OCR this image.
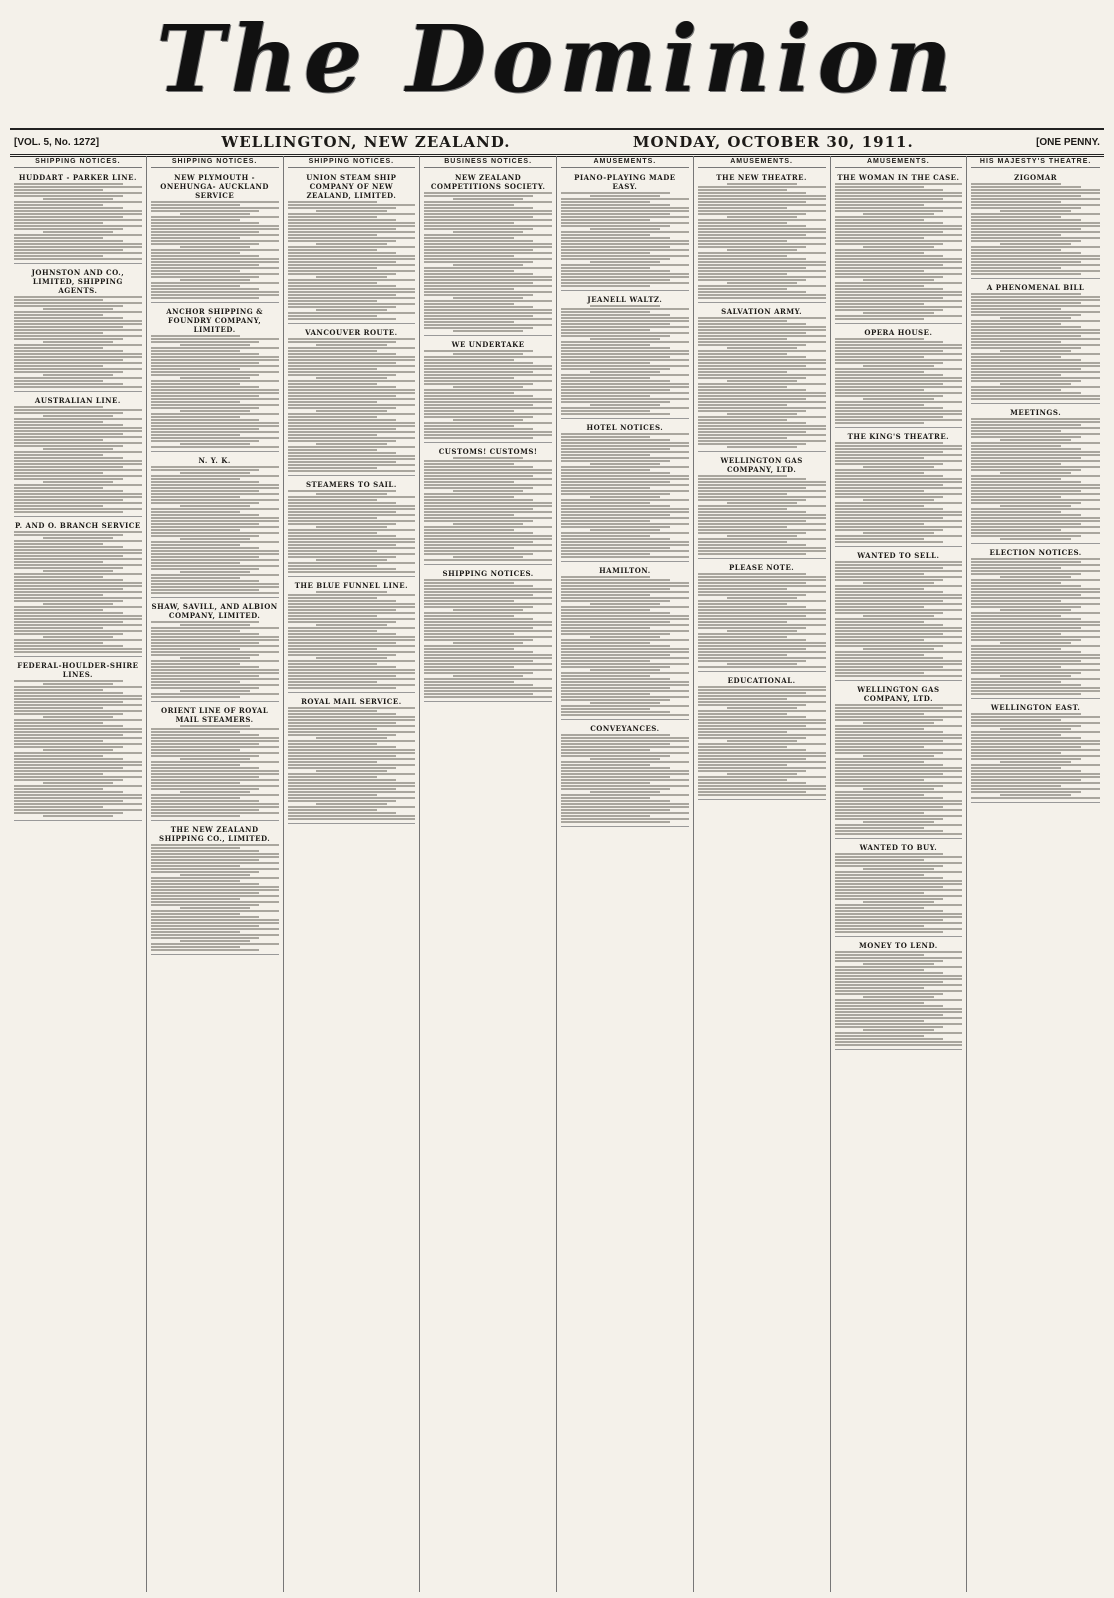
The Dominion
[VOL. 5, No. 1272]	WELLINGTON, NEW ZEALAND.	MONDAY, OCTOBER 30, 1911.	[ONE PENNY.
SHIPPING NOTICES.
HUDDART - PARKER LINE.
JOHNSTON AND CO., LIMITED, SHIPPING AGENTS.
AUSTRALIAN LINE.
P. AND O. BRANCH SERVICE
FEDERAL-HOULDER-SHIRE LINES.
SHIPPING NOTICES.
NEW PLYMOUTH - ONEHUNGA- AUCKLAND SERVICE
ANCHOR SHIPPING & FOUNDRY COMPANY, LIMITED.
N. Y. K.
SHAW, SAVILL, AND ALBION COMPANY, LIMITED.
ORIENT LINE OF ROYAL MAIL STEAMERS.
THE NEW ZEALAND SHIPPING CO., LIMITED.
SHIPPING NOTICES.
UNION STEAM SHIP COMPANY OF NEW ZEALAND, LIMITED.
VANCOUVER ROUTE.
STEAMERS TO SAIL.
THE BLUE FUNNEL LINE.
ROYAL MAIL SERVICE.
BUSINESS NOTICES.
NEW ZEALAND COMPETITIONS SOCIETY.
WE UNDERTAKE
CUSTOMS! CUSTOMS!
SHIPPING NOTICES.
AMUSEMENTS.
PIANO-PLAYING MADE EASY.
JEANELL WALTZ.
HOTEL NOTICES.
HAMILTON.
CONVEYANCES.
AMUSEMENTS.
THE NEW THEATRE.
SALVATION ARMY.
WELLINGTON GAS COMPANY, LTD.
PLEASE NOTE.
EDUCATIONAL.
AMUSEMENTS.
THE WOMAN IN THE CASE.
OPERA HOUSE.
THE KING'S THEATRE.
WANTED TO SELL.
WELLINGTON GAS COMPANY, LTD.
WANTED TO BUY.
MONEY TO LEND.
HIS MAJESTY'S THEATRE.
ZIGOMAR
A PHENOMENAL BILL
MEETINGS.
ELECTION NOTICES.
WELLINGTON EAST.
